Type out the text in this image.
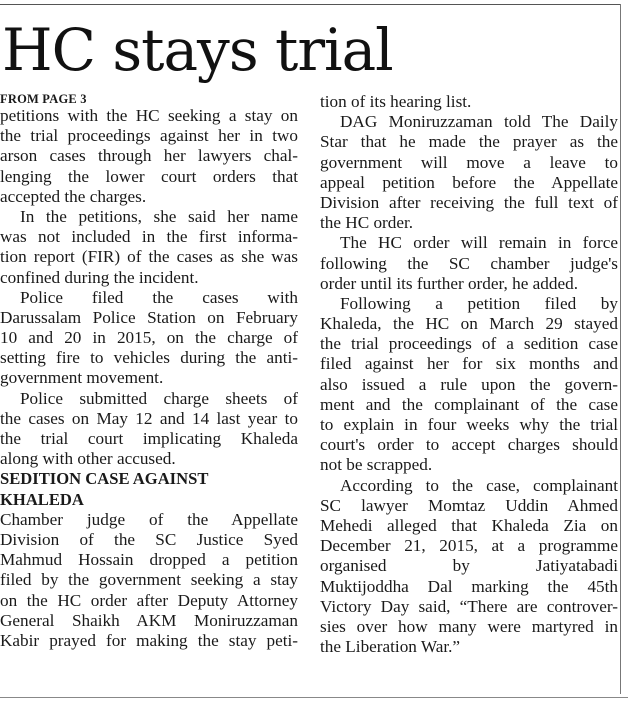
HC stays trial

FROM PAGE 3

petitions with the HC seeking a stay on
the trial proceedings against her in two
arson cases through her lawyers chal-
lenging the lower court orders that
accepted the charges.
In the petitions, she said her name
was not included in the first informa-
tion report (FIR) of the cases as she was
confined during the incident.
Police filed the cases with
Darussalam Police Station on February
10 and 20 in 2015, on the charge of
setting fire to vehicles during the anti-
government movement.
Police submitted charge sheets of
the cases on May 12 and 14 last year to
the trial court implicating Khaleda
along with other accused.
SEDITION CASE AGAINST
KHALEDA
Chamber judge of the Appellate
Division of the SC Justice Syed
Mahmud Hossain dropped a petition
filed by the government seeking a stay
on the HC order after Deputy Attorney
General Shaikh AKM Moniruzzaman
Kabir prayed for making the stay peti-
tion of its hearing list.
DAG Moniruzzaman told The Daily
Star that he made the prayer as the
government will move a leave to
appeal petition before the Appellate
Division after receiving the full text of
the HC order.
The HC order will remain in force
following the SC chamber judge's
order until its further order, he added.
Following a petition filed by
Khaleda, the HC on March 29 stayed
the trial proceedings of a sedition case
filed against her for six months and
also issued a rule upon the govern-
ment and the complainant of the case
to explain in four weeks why the trial
court's order to accept charges should
not be scrapped.
According to the case, complainant
SC lawyer Momtaz Uddin Ahmed
Mehedi alleged that Khaleda Zia on
December 21, 2015, at a programme
organised by Jatiyatabadi
Muktijoddha Dal marking the 45th
Victory Day said, “There are controver-
sies over how many were martyred in
the Liberation War.”
